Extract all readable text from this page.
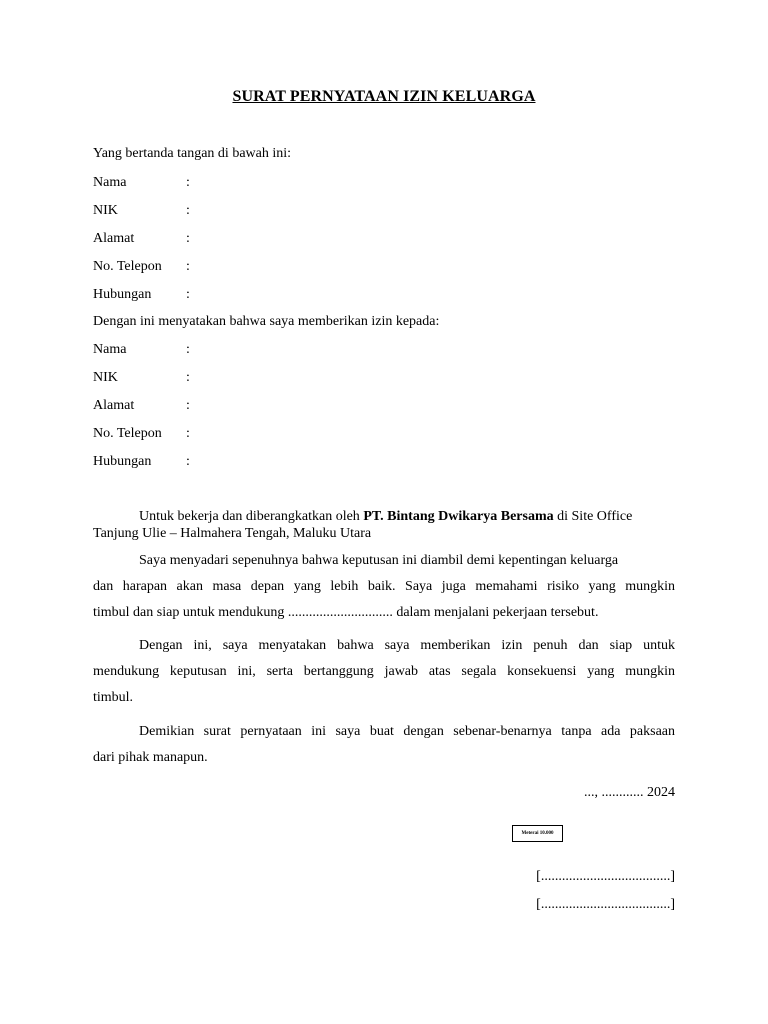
SURAT PERNYATAAN IZIN KELUARGA
Yang bertanda tangan di bawah ini:
Nama	:
NIK	:
Alamat	:
No. Telepon :
Hubungan :
Dengan ini menyatakan bahwa saya memberikan izin kepada:
Nama	:
NIK	:
Alamat	:
No. Telepon :
Hubungan :
Untuk bekerja dan diberangkatkan oleh PT. Bintang Dwikarya Bersama di Site Office
Tanjung Ulie – Halmahera Tengah, Maluku Utara
Saya menyadari sepenuhnya bahwa keputusan ini diambil demi kepentingan keluarga
dan harapan akan masa depan yang lebih baik. Saya juga memahami risiko yang mungkin
timbul dan siap untuk mendukung .............................. dalam menjalani pekerjaan tersebut.
Dengan ini, saya menyatakan bahwa saya memberikan izin penuh dan siap untuk
mendukung keputusan ini, serta bertanggung jawab atas segala konsekuensi yang mungkin
timbul.
Demikian surat pernyataan ini saya buat dengan sebenar-benarnya tanpa ada paksaan
dari pihak manapun.
..., ............ 2024
Meterai 10.000
[.....................................]
[.....................................]
